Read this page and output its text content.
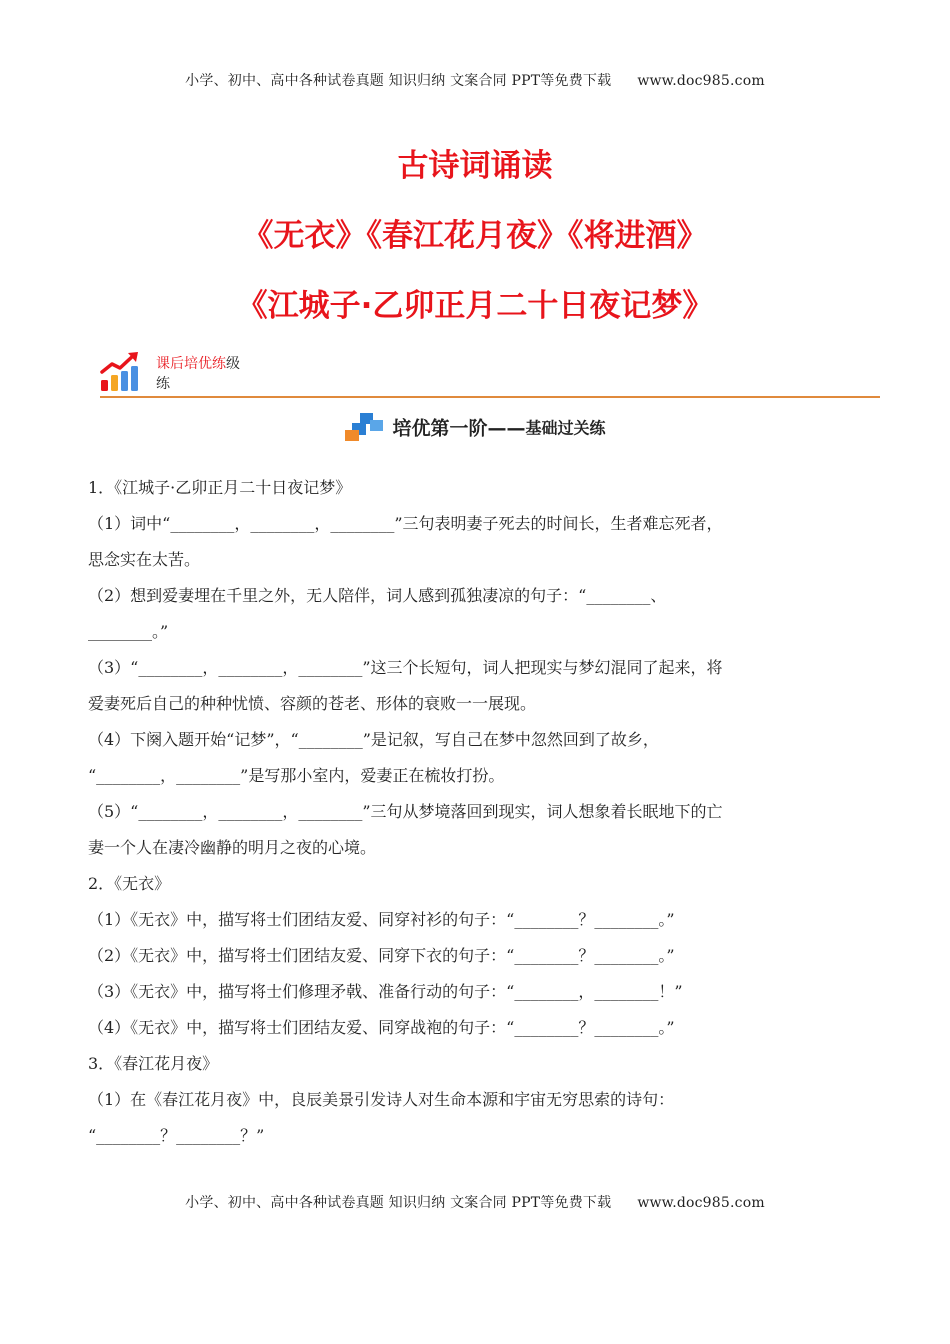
小学、初中、高中各种试卷真题 知识归纳 文案合同 PPT等免费下载 www.doc985.com
古诗词诵读
《无衣》《春江花月夜》《将进酒》
《江城子·乙卯正月二十日夜记梦》
课后培优练级
练
培优第一阶——基础过关练
1．《江城子·乙卯正月二十日夜记梦》

（1）词中“________，________，________”三句表明妻子死去的时间长，生者难忘死者，

思念实在太苦。

（2）想到爱妻埋在千里之外，无人陪伴，词人感到孤独凄凉的句子：“________、

________。”

（3）“________，________，________”这三个长短句，词人把现实与梦幻混同了起来，将

爱妻死后自己的种种忧愤、容颜的苍老、形体的衰败一一展现。

（4）下阕入题开始“记梦”，“________”是记叙，写自己在梦中忽然回到了故乡，

“________，________”是写那小室内，爱妻正在梳妆打扮。

（5）“________，________，________”三句从梦境落回到现实，词人想象着长眠地下的亡

妻一个人在凄冷幽静的明月之夜的心境。

2．《无衣》

（1）《无衣》中，描写将士们团结友爱、同穿衬衫的句子：“________？________。”

（2）《无衣》中，描写将士们团结友爱、同穿下衣的句子：“________？________。”

（3）《无衣》中，描写将士们修理矛戟、准备行动的句子：“________，________！”

（4）《无衣》中，描写将士们团结友爱、同穿战袍的句子：“________？________。”

3．《春江花月夜》

（1）在《春江花月夜》中，良辰美景引发诗人对生命本源和宇宙无穷思索的诗句：

“________？________？”

小学、初中、高中各种试卷真题 知识归纳 文案合同 PPT等免费下载 www.doc985.com
